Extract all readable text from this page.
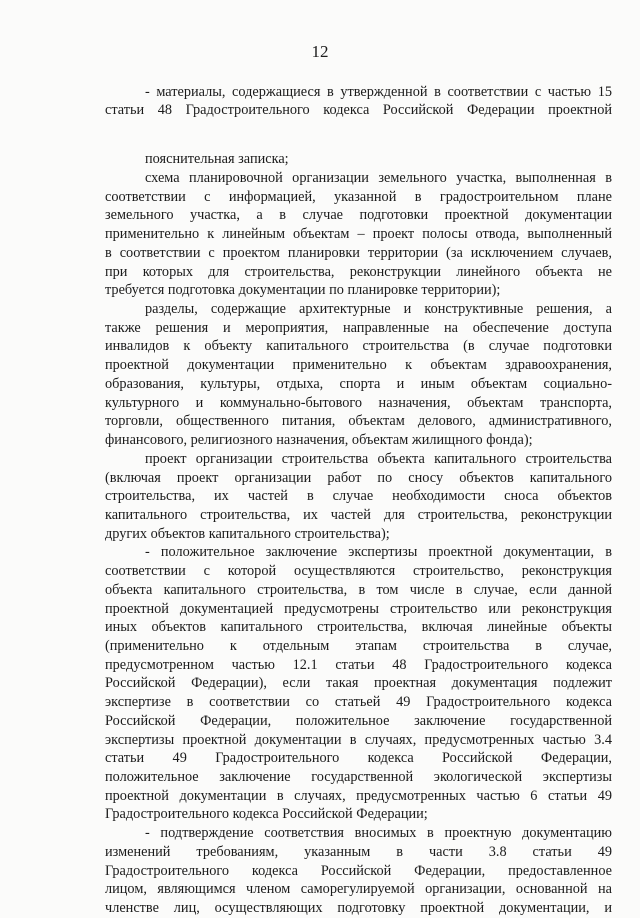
12
- материалы, содержащиеся в утвержденной в соответствии с частью 15
статьи 48 Градостроительного кодекса Российской Федерации проектной
пояснительная записка;
схема планировочной организации земельного участка, выполненная в
соответствии с информацией, указанной в градостроительном плане
земельного участка, а в случае подготовки проектной документации
применительно к линейным объектам – проект полосы отвода, выполненный
в соответствии с проектом планировки территории (за исключением случаев,
при которых для строительства, реконструкции линейного объекта не
требуется подготовка документации по планировке территории);
разделы, содержащие архитектурные и конструктивные решения, а
также решения и мероприятия, направленные на обеспечение доступа
инвалидов к объекту капитального строительства (в случае подготовки
проектной документации применительно к объектам здравоохранения,
образования, культуры, отдыха, спорта и иным объектам социально-
культурного и коммунально-бытового назначения, объектам транспорта,
торговли, общественного питания, объектам делового, административного,
финансового, религиозного назначения, объектам жилищного фонда);
проект организации строительства объекта капитального строительства
(включая проект организации работ по сносу объектов капитального
строительства, их частей в случае необходимости сноса объектов
капитального строительства, их частей для строительства, реконструкции
других объектов капитального строительства);
- положительное заключение экспертизы проектной документации, в
соответствии с которой осуществляются строительство, реконструкция
объекта капитального строительства, в том числе в случае, если данной
проектной документацией предусмотрены строительство или реконструкция
иных объектов капитального строительства, включая линейные объекты
(применительно к отдельным этапам строительства в случае,
предусмотренном частью 12.1 статьи 48 Градостроительного кодекса
Российской Федерации), если такая проектная документация подлежит
экспертизе в соответствии со статьей 49 Градостроительного кодекса
Российской Федерации, положительное заключение государственной
экспертизы проектной документации в случаях, предусмотренных частью 3.4
статьи 49 Градостроительного кодекса Российской Федерации,
положительное заключение государственной экологической экспертизы
проектной документации в случаях, предусмотренных частью 6 статьи 49
Градостроительного кодекса Российской Федерации;
- подтверждение соответствия вносимых в проектную документацию
изменений требованиям, указанным в части 3.8 статьи 49
Градостроительного кодекса Российской Федерации, предоставленное
лицом, являющимся членом саморегулируемой организации, основанной на
членстве лиц, осуществляющих подготовку проектной документации, и
